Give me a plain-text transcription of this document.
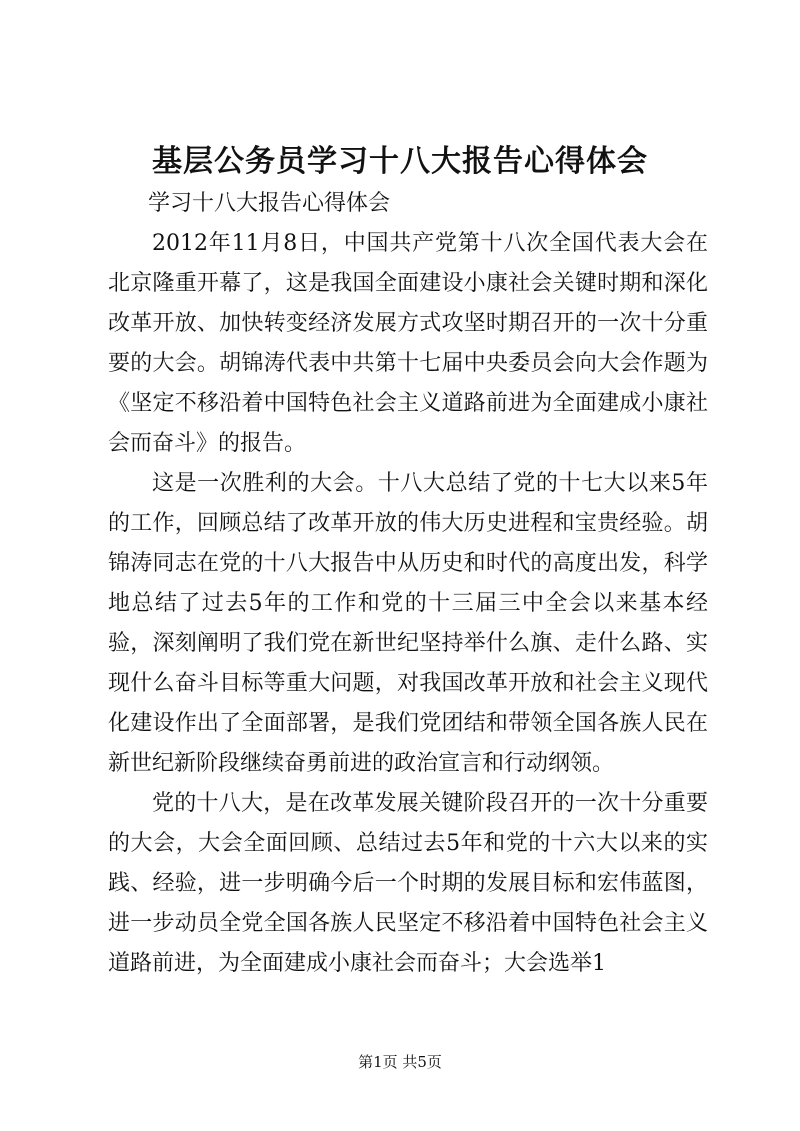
基层公务员学习十八大报告心得体会

学习十八大报告心得体会

2012年11月8日，中国共产党第十八次全国代表大会在北京隆重开幕了，这是我国全面建设小康社会关键时期和深化改革开放、加快转变经济发展方式攻坚时期召开的一次十分重要的大会。胡锦涛代表中共第十七届中央委员会向大会作题为《坚定不移沿着中国特色社会主义道路前进为全面建成小康社会而奋斗》的报告。

这是一次胜利的大会。十八大总结了党的十七大以来5年的工作，回顾总结了改革开放的伟大历史进程和宝贵经验。胡锦涛同志在党的十八大报告中从历史和时代的高度出发，科学地总结了过去5年的工作和党的十三届三中全会以来基本经验，深刻阐明了我们党在新世纪坚持举什么旗、走什么路、实现什么奋斗目标等重大问题，对我国改革开放和社会主义现代化建设作出了全面部署，是我们党团结和带领全国各族人民在新世纪新阶段继续奋勇前进的政治宣言和行动纲领。

党的十八大，是在改革发展关键阶段召开的一次十分重要的大会，大会全面回顾、总结过去5年和党的十六大以来的实践、经验，进一步明确今后一个时期的发展目标和宏伟蓝图，进一步动员全党全国各族人民坚定不移沿着中国特色社会主义道路前进，为全面建成小康社会而奋斗；大会选举1

第1页 共5页
